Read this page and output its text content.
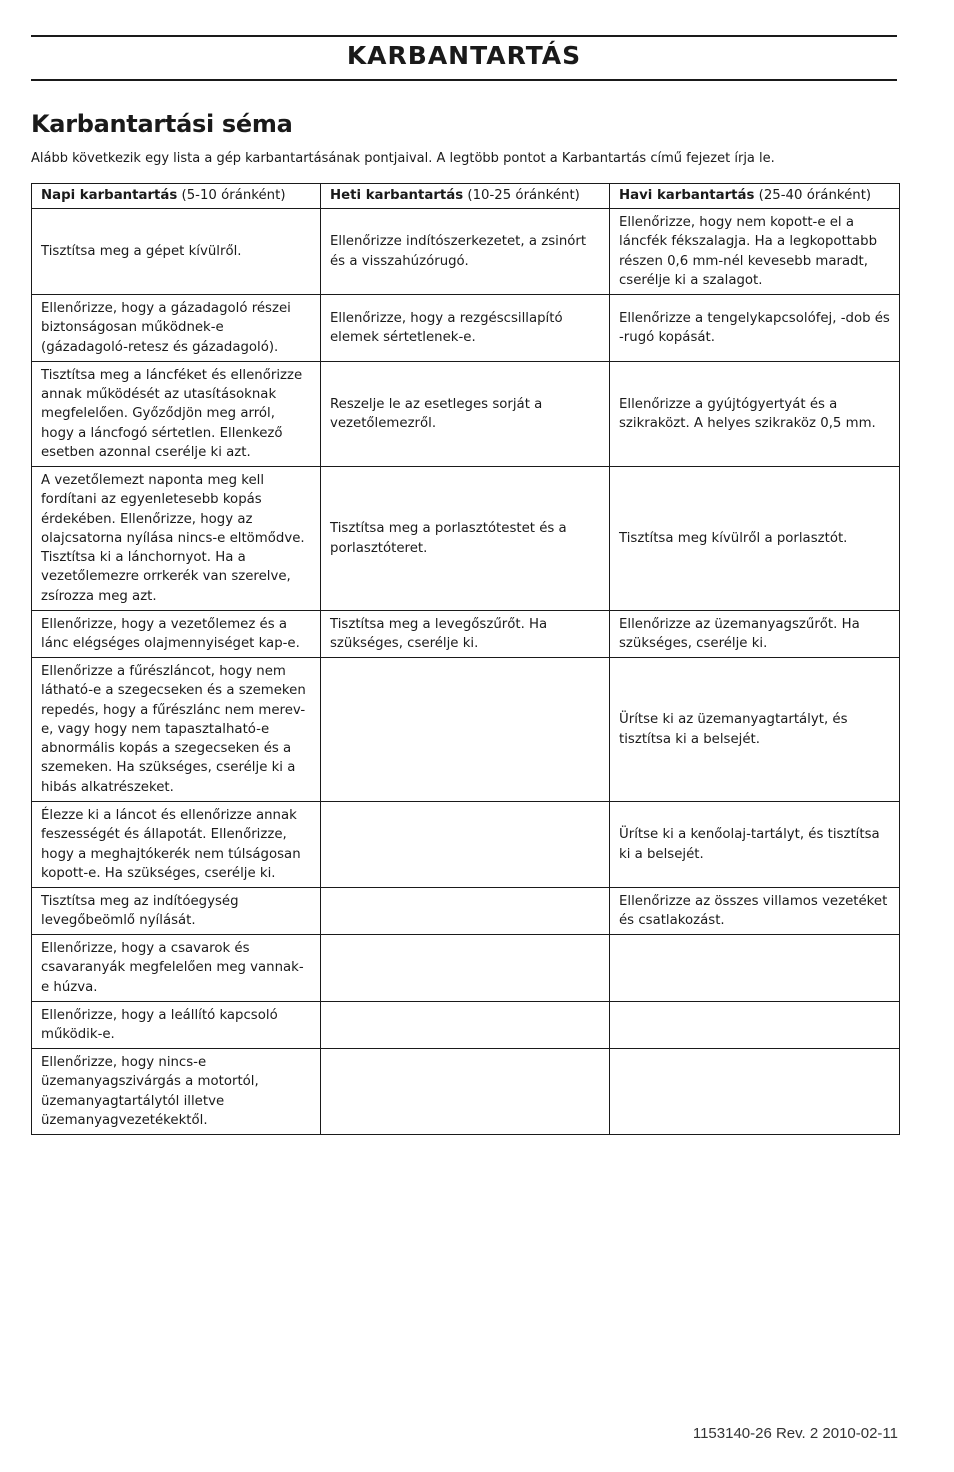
KARBANTARTÁS
Karbantartási séma

Alább következik egy lista a gép karbantartásának pontjaival. A legtöbb pontot a Karbantartás című fejezet írja le.

Napi karbantartás (5-10 óránként)	Heti karbantartás (10-25 óránként)	Havi karbantartás (25-40 óránként)
Tisztítsa meg a gépet kívülről.	Ellenőrizze indítószerkezetet, a zsinórt és a visszahúzórugó.	Ellenőrizze, hogy nem kopott-e el a láncfék fékszalagja. Ha a legkopottabb részen 0,6 mm-nél kevesebb maradt, cserélje ki a szalagot.
Ellenőrizze, hogy a gázadagoló részei biztonságosan működnek-e (gázadagoló-retesz és gázadagoló).	Ellenőrizze, hogy a rezgéscsillapító elemek sértetlenek-e.	Ellenőrizze a tengelykapcsolófej, -dob és -rugó kopását.
Tisztítsa meg a láncféket és ellenőrizze annak működését az utasításoknak megfelelően. Győződjön meg arról, hogy a láncfogó sértetlen. Ellenkező esetben azonnal cserélje ki azt.	Reszelje le az esetleges sorját a vezetőlemezről.	Ellenőrizze a gyújtógyertyát és a szikraközt. A helyes szikraköz 0,5 mm.
A vezetőlemezt naponta meg kell fordítani az egyenletesebb kopás érdekében. Ellenőrizze, hogy az olajcsatorna nyílása nincs-e eltömődve. Tisztítsa ki a lánchornyot. Ha a vezetőlemezre orrkerék van szerelve, zsírozza meg azt.	Tisztítsa meg a porlasztótestet és a porlasztóteret.	Tisztítsa meg kívülről a porlasztót.
Ellenőrizze, hogy a vezetőlemez és a lánc elégséges olajmennyiséget kap-e.	Tisztítsa meg a levegőszűrőt. Ha szükséges, cserélje ki.	Ellenőrizze az üzemanyagszűrőt. Ha szükséges, cserélje ki.
Ellenőrizze a fűrészláncot, hogy nem látható-e a szegecseken és a szemeken repedés, hogy a fűrészlánc nem merev-e, vagy hogy nem tapasztalható-e abnormális kopás a szegecseken és a szemeken. Ha szükséges, cserélje ki a hibás alkatrészeket.		Ürítse ki az üzemanyagtartályt, és tisztítsa ki a belsejét.
Élezze ki a láncot és ellenőrizze annak feszességét és állapotát. Ellenőrizze, hogy a meghajtókerék nem túlságosan kopott-e. Ha szükséges, cserélje ki.		Ürítse ki a kenőolaj-tartályt, és tisztítsa ki a belsejét.
Tisztítsa meg az indítóegység levegőbeömlő nyílását.		Ellenőrizze az összes villamos vezetéket és csatlakozást.
Ellenőrizze, hogy a csavarok és csavaranyák megfelelően meg vannak-e húzva.		
Ellenőrizze, hogy a leállító kapcsoló működik-e.		
Ellenőrizze, hogy nincs-e üzemanyagszivárgás a motortól, üzemanyagtartálytól illetve üzemanyagvezetékektől.		

1153140-26 Rev. 2 2010-02-11
